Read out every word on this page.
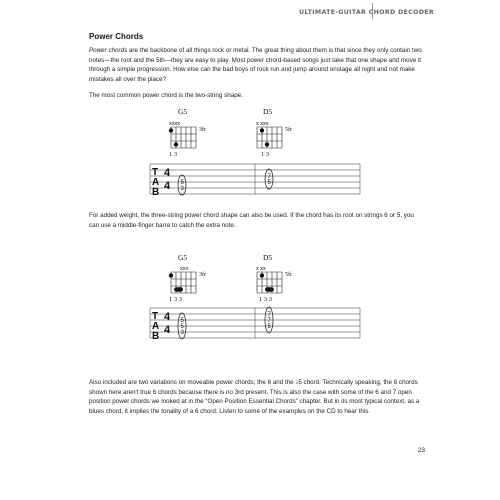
ULTIMATE-GUITAR CHORD DECODER
Power Chords

Power chords are the backbone of all things rock or metal. The great thing about them is that since they only contain two notes—the root and the 5th—they are easy to play. Most power chord-based songs just take that one shape and move it through a simple progression. How else can the bad boys of rock run and jump around onstage all night and not make mistakes all over the place?

The most common power chord is the two-string shape.

For added weight, the three-string power chord shape can also be used. If the chord has its root on strings 6 or 5, you can use a middle-finger barre to catch the extra note.

Also included are two variations on moveable power chords; the 6 and the ♭5 chord. Technically speaking, the 6 chords shown here aren't true 6 chords because there is no 3rd present. This is also the case with some of the 6 and 7 open position power chords we looked at in the “Open Position Essential Chords” chapter. But in its most typical context, as a blues chord, it implies the tonality of a 6 chord. Listen to some of the examples on the CD to hear this.

G5
xxxx
3fr
1 3
D5
x xxx
5fr
1 3
T
A
B
4
4 5
3
7
5
G5
xxx
3fr
1 3 3
D5
x xx
5fr
1 3 3
T
A
B
4
4
5
5
3
7
7
5
23
